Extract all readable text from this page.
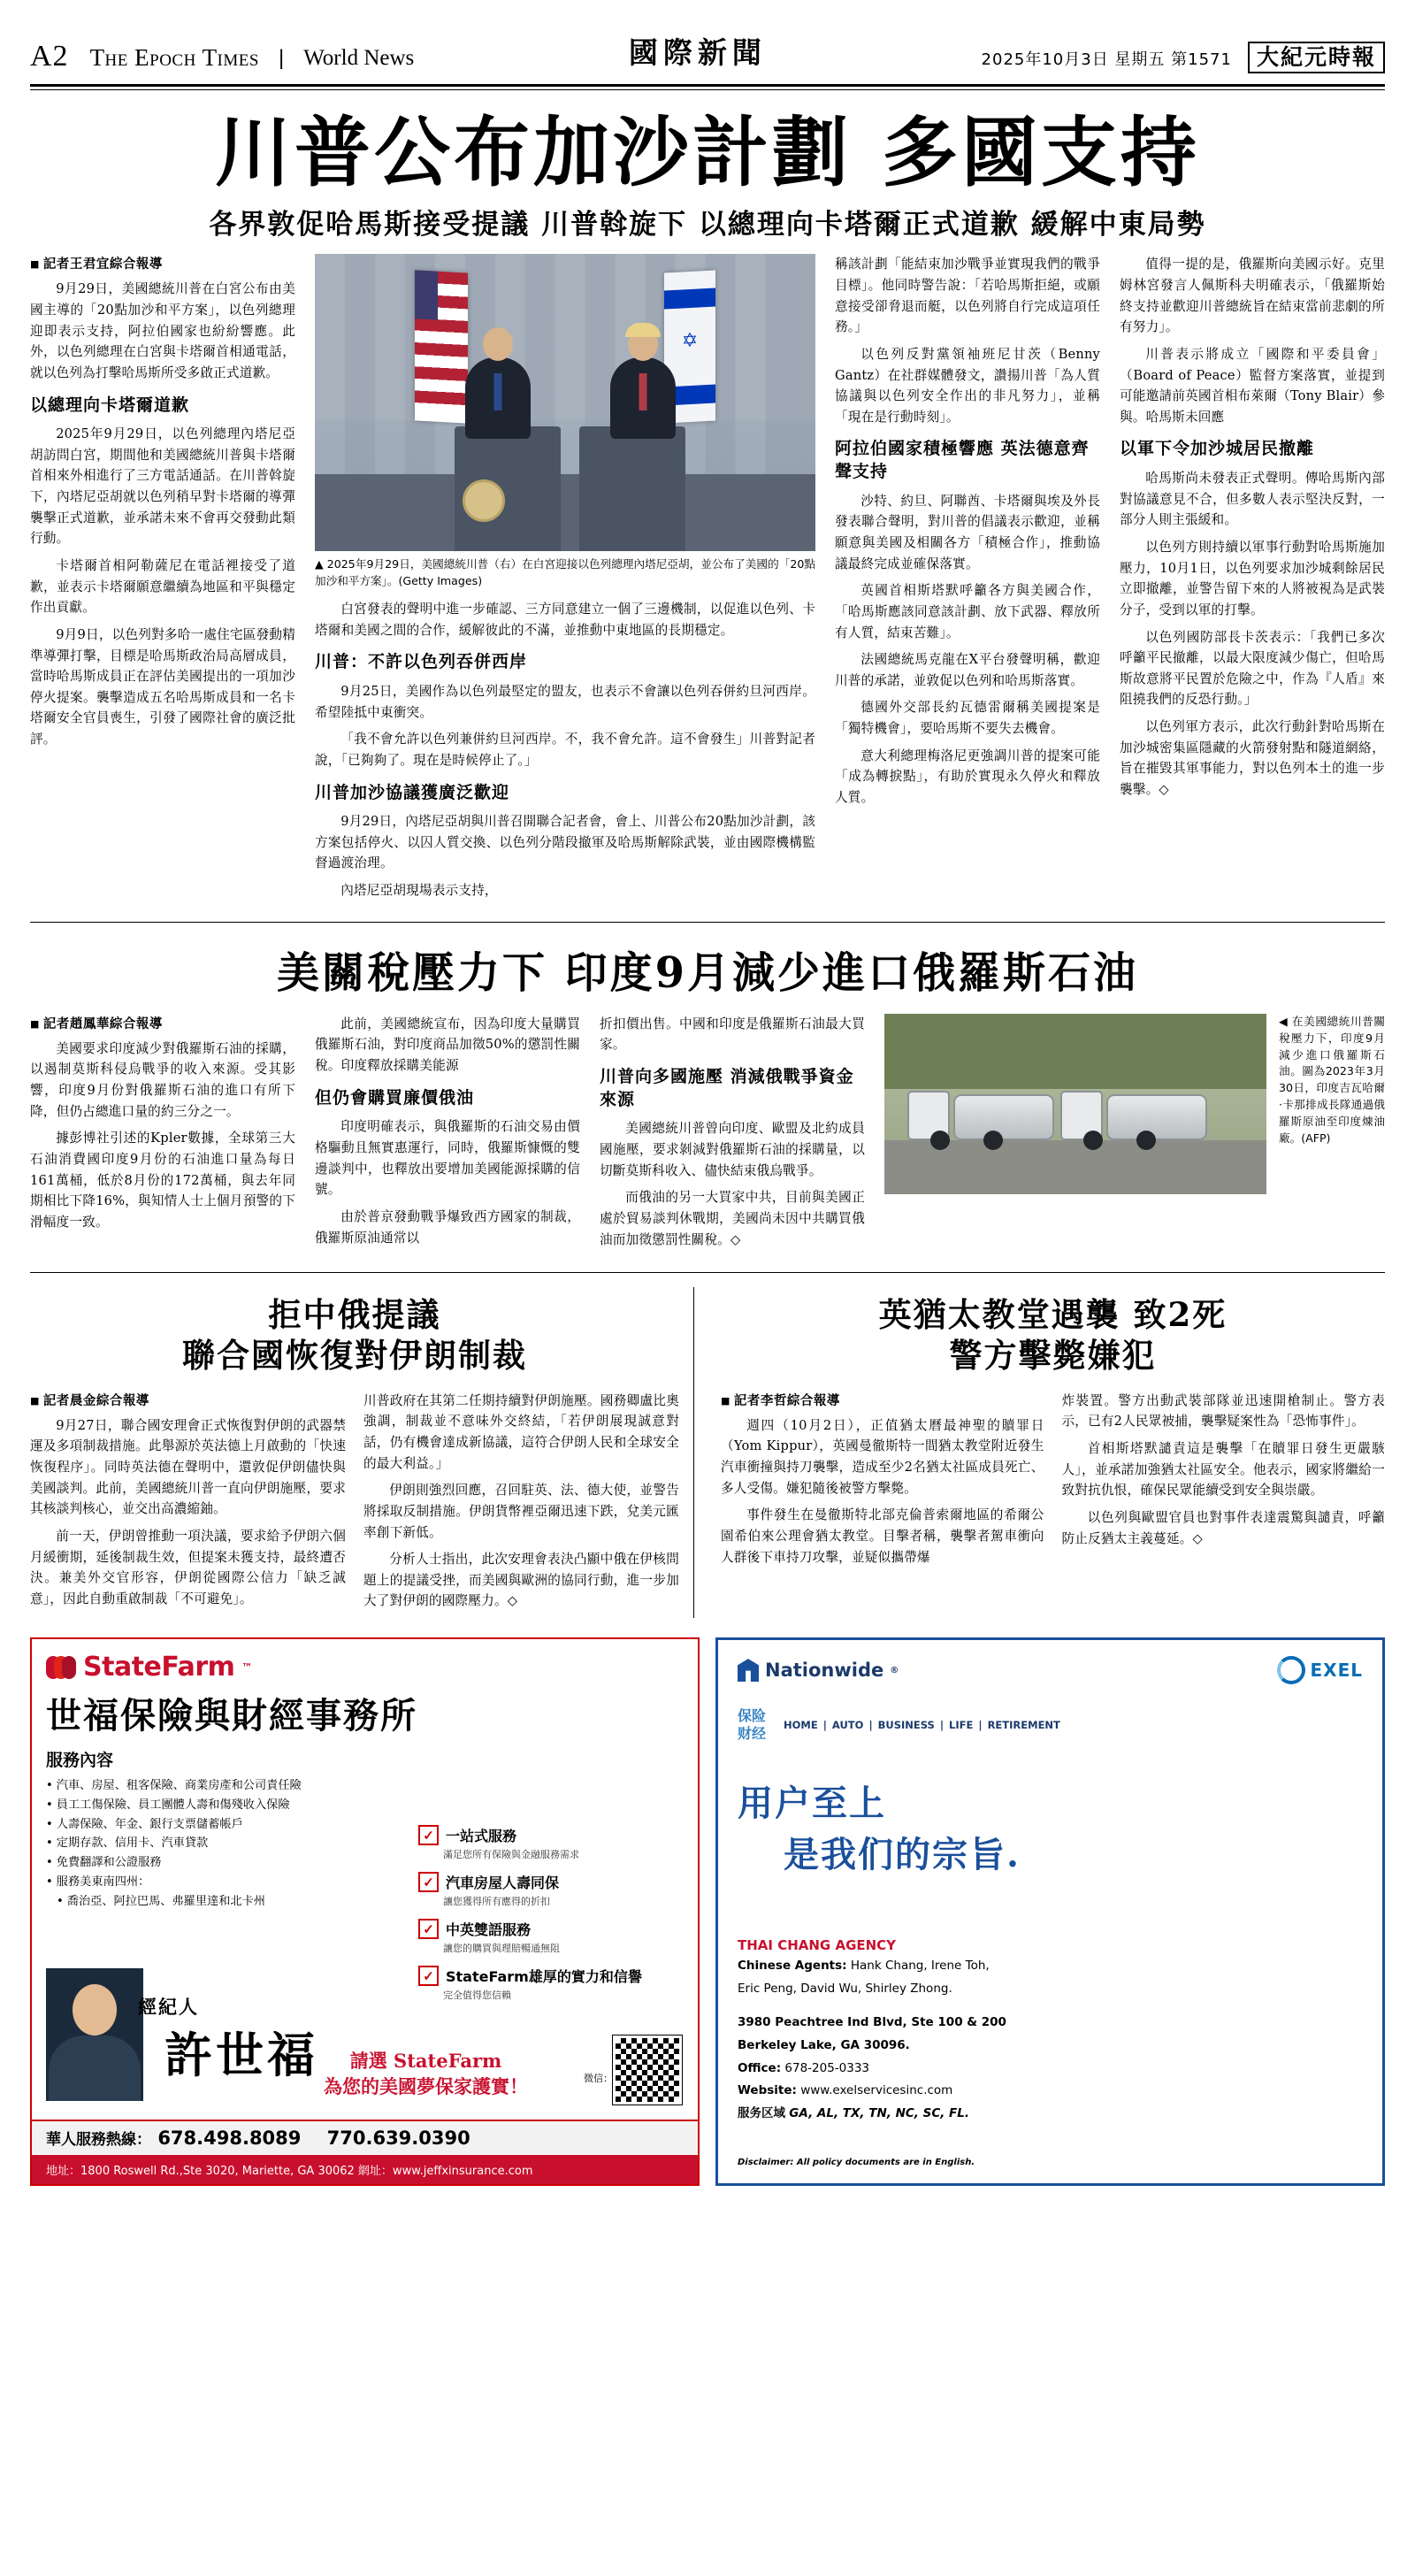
A2 The Epoch Times | World News	國際新聞	2025年10月3日 星期五 第1571	大紀元時報
川普公布加沙計劃 多國支持
各界敦促哈馬斯接受提議 川普斡旋下 以總理向卡塔爾正式道歉 緩解中東局勢
■ 記者王君宜綜合報導

9月29日，美國總統川普在白宮公布由美國主導的「20點加沙和平方案」，以色列總理迎即表示支持，阿拉伯國家也紛紛響應。此外，以色列總理在白宮與卡塔爾首相通電話，就以色列為打擊哈馬斯所受多啟正式道歉。

以總理向卡塔爾道歉

2025年9月29日，以色列總理內塔尼亞胡訪問白宮，期間他和美國總統川普與卡塔爾首相來外相進行了三方電話通話。在川普斡旋下，內塔尼亞胡就以色列稍早對卡塔爾的導彈襲擊正式道歉，並承諾未來不會再交發動此類行動。

卡塔爾首相阿勒薩尼在電話裡接受了道歉，並表示卡塔爾願意繼續為地區和平與穩定作出貢獻。

9月9日，以色列對多哈一處住宅區發動精準導彈打擊，目標是哈馬斯政治局高層成員，當時哈馬斯成員正在評估美國提出的一項加沙停火提案。襲擊造成五名哈馬斯成員和一名卡塔爾安全官員喪生，引發了國際社會的廣泛批評。

✡
▲ 2025年9月29日，美國總統川普（右）在白宮迎接以色列總理內塔尼亞胡，並公布了美國的「20點加沙和平方案」。(Getty Images)

白宮發表的聲明中進一步確認、三方同意建立一個了三邊機制，以促進以色列、卡塔爾和美國之間的合作，緩解彼此的不滿，並推動中東地區的長期穩定。

川普：不許以色列吞併西岸

9月25日，美國作為以色列最堅定的盟友，也表示不會讓以色列吞併約旦河西岸。希望陸抵中東衝突。

「我不會允許以色列兼併約旦河西岸。不，我不會允許。這不會發生」川普對記者說，「已夠夠了。現在是時候停止了。」

川普加沙協議獲廣泛歡迎

9月29日，內塔尼亞胡與川普召開聯合記者會，會上、川普公布20點加沙計劃，該方案包括停火、以囚人質交換、以色列分階段撤軍及哈馬斯解除武裝，並由國際機構監督過渡治理。

內塔尼亞胡現場表示支持，

稱該計劃「能結束加沙戰爭並實現我們的戰爭目標」。他同時警告說：「若哈馬斯拒絕，或願意接受卻脅退而艇，以色列將自行完成這項任務。」

以色列反對黨領袖班尼甘茨（Benny Gantz）在社群媒體發文，讚揚川普「為人質協議與以色列安全作出的非凡努力」，並稱「現在是行動時刻」。

阿拉伯國家積極響應 英法德意齊聲支持

沙特、約旦、阿聯酋、卡塔爾與埃及外長發表聯合聲明，對川普的倡議表示歡迎，並稱願意與美國及相關各方「積極合作」，推動協議最終完成並確保落實。

英國首相斯塔默呼籲各方與美國合作，「哈馬斯應該同意該計劃、放下武器、釋放所有人質，結束苦難」。

法國總統馬克龍在X平台發聲明稱，歡迎川普的承諾，並敦促以色列和哈馬斯落實。

德國外交部長約瓦德雷爾稱美國提案是「獨特機會」，要哈馬斯不要失去機會。

意大利總理梅洛尼更強調川普的提案可能「成為轉捩點」，有助於實現永久停火和釋放人質。

值得一提的是，俄羅斯向美國示好。克里姆林宮發言人佩斯科夫明確表示，「俄羅斯始終支持並歡迎川普總統旨在結束當前悲劇的所有努力」。

川普表示將成立「國際和平委員會」（Board of Peace）監督方案落實，並提到可能邀請前英國首相布萊爾（Tony Blair）參與。哈馬斯未回應

以軍下令加沙城居民撤離

哈馬斯尚未發表正式聲明。傳哈馬斯內部對協議意見不合，但多數人表示堅決反對，一部分人則主張緩和。

以色列方則持續以軍事行動對哈馬斯施加壓力，10月1日，以色列要求加沙城剩餘居民立即撤離，並警告留下來的人將被視為是武裝分子，受到以軍的打擊。

以色列國防部長卡茨表示：「我們已多次呼籲平民撤離，以最大限度減少傷亡，但哈馬斯故意將平民置於危險之中，作為『人盾』來阻撓我們的反恐行動。」

以色列軍方表示，此次行動針對哈馬斯在加沙城密集區隱藏的火箭發射點和隧道網絡，旨在摧毀其軍事能力，對以色列本土的進一步襲擊。◇

美關稅壓力下 印度9月減少進口俄羅斯石油
■ 記者趙鳳華綜合報導

美國要求印度減少對俄羅斯石油的採購，以遏制莫斯科侵烏戰爭的收入來源。受其影響，印度9月份對俄羅斯石油的進口有所下降，但仍占總進口量的約三分之一。

據彭博社引述的Kpler數據，全球第三大石油消費國印度9月份的石油進口量為每日161萬桶，低於8月份的172萬桶，與去年同期相比下降16%，與知情人士上個月預警的下滑幅度一致。

此前，美國總統宣布，因為印度大量購買俄羅斯石油，對印度商品加徵50%的懲罰性關稅。印度釋放採購美能源

但仍會購買廉價俄油

印度明確表示，與俄羅斯的石油交易由價格驅動且無實惠運行，同時，俄羅斯慷慨的雙邊談判中，也釋放出要增加美國能源採購的信號。

由於普京發動戰爭爆致西方國家的制裁，俄羅斯原油通常以

折扣價出售。中國和印度是俄羅斯石油最大買家。

川普向多國施壓 消減俄戰爭資金來源

美國總統川普曾向印度、歐盟及北約成員國施壓，要求剝減對俄羅斯石油的採購量，以切斷莫斯科收入、儘快結束俄烏戰爭。

而俄油的另一大買家中共，目前與美國正處於貿易談判休戰期，美國尚未因中共購買俄油而加徵懲罰性關稅。◇

◀ 在美國總統川普關稅壓力下，印度9月減少進口俄羅斯石油。圖為2023年3月30日，印度吉瓦哈爾·卡那排成長隊通過俄羅斯原油至印度煉油廠。(AFP)
拒中俄提議
聯合國恢復對伊朗制裁
■ 記者晨金綜合報導

9月27日，聯合國安理會正式恢復對伊朗的武器禁運及多項制裁措施。此舉源於英法德上月啟動的「快速恢復程序」。同時英法德在聲明中，還敦促伊朗儘快與美國談判。此前，美國總統川普一直向伊朗施壓，要求其核談判核心，並交出高濃縮鈾。

前一天，伊朗曾推動一項決議，要求給予伊朗六個月緩衝期，延後制裁生效，但提案未獲支持，最終遭否決。兼美外交官形容，伊朗從國際公信力「缺乏誠意」，因此自動重啟制裁「不可避免」。

川普政府在其第二任期持續對伊朗施壓。國務卿盧比奧強調，制裁並不意味外交終結，「若伊朗展現誠意對話，仍有機會達成新協議，這符合伊朗人民和全球安全的最大利益。」

伊朗則強烈回應，召回駐英、法、德大使，並警告將採取反制措施。伊朗貨幣裡亞爾迅速下跌，兌美元匯率創下新低。

分析人士指出，此次安理會表決凸顯中俄在伊核問題上的提議受挫，而美國與歐洲的協同行動，進一步加大了對伊朗的國際壓力。◇

英猶太教堂遇襲 致2死
警方擊斃嫌犯
■ 記者李哲綜合報導

週四（10月2日），正值猶太曆最神聖的贖罪日（Yom Kippur），英國曼徹斯特一間猶太教堂附近發生汽車衝撞與持刀襲擊，造成至少2名猶太社區成員死亡、多人受傷。嫌犯隨後被警方擊斃。

事件發生在曼徹斯特北部克倫普索爾地區的希爾公園希伯來公理會猶太教堂。目擊者稱，襲擊者駕車衝向人群後下車持刀攻擊，並疑似攜帶爆

炸裝置。警方出動武裝部隊並迅速開槍制止。警方表示，已有2人民眾被捕，襲擊疑案性為「恐怖事件」。

首相斯塔默譴責這是襲擊「在贖罪日發生更嚴駭人」，並承諾加強猶太社區安全。他表示，國家將繼給一致對抗仇恨，確保民眾能續受到安全與崇嚴。

以色列與歐盟官員也對事件表達震驚與譴責，呼籲防止反猶太主義蔓延。◇

StateFarm ™
世福保險與財經事務所
服務內容
• 汽車、房屋、租客保險、商業房產和公司責任險
• 員工工傷保險、員工團體人壽和傷殘收入保險
• 人壽保險、年金、銀行支票儲蓄帳戶
• 定期存款、信用卡、汽車貸款
• 免費翻譯和公證服務
• 服務美東南四州：
• 喬治亞、阿拉巴馬、弗羅里達和北卡州
✓ 一站式服務
滿足您所有保險與金融服務需求
✓ 汽車房屋人壽同保
讓您獲得所有應得的折扣
✓ 中英雙語服務
讓您的購買與理賠暢通無阻
✓ StateFarm雄厚的實力和信譽
完全值得您信賴
經紀人
許世福	請選 StateFarm
為您的美國夢保家護實！	微信：
華人服務熱線： 678.498.8089 770.639.0390
地址：1800 Roswell Rd.,Ste 3020, Mariette, GA 30062 網址：www.jeffxinsurance.com
Nationwide ®	EXEL
保险
财经 HOME | AUTO | BUSINESS | LIFE | RETIREMENT
用户至上
是我们的宗旨.
THAI CHANG AGENCY
Chinese Agents: Hank Chang, Irene Toh,
Eric Peng, David Wu, Shirley Zhong.
3980 Peachtree Ind Blvd, Ste 100 & 200
Berkeley Lake, GA 30096.
Office: 678-205-0333
Website: www.exelservicesinc.com
服务区域 GA, AL, TX, TN, NC, SC, FL.
Disclaimer: All policy documents are in English.
